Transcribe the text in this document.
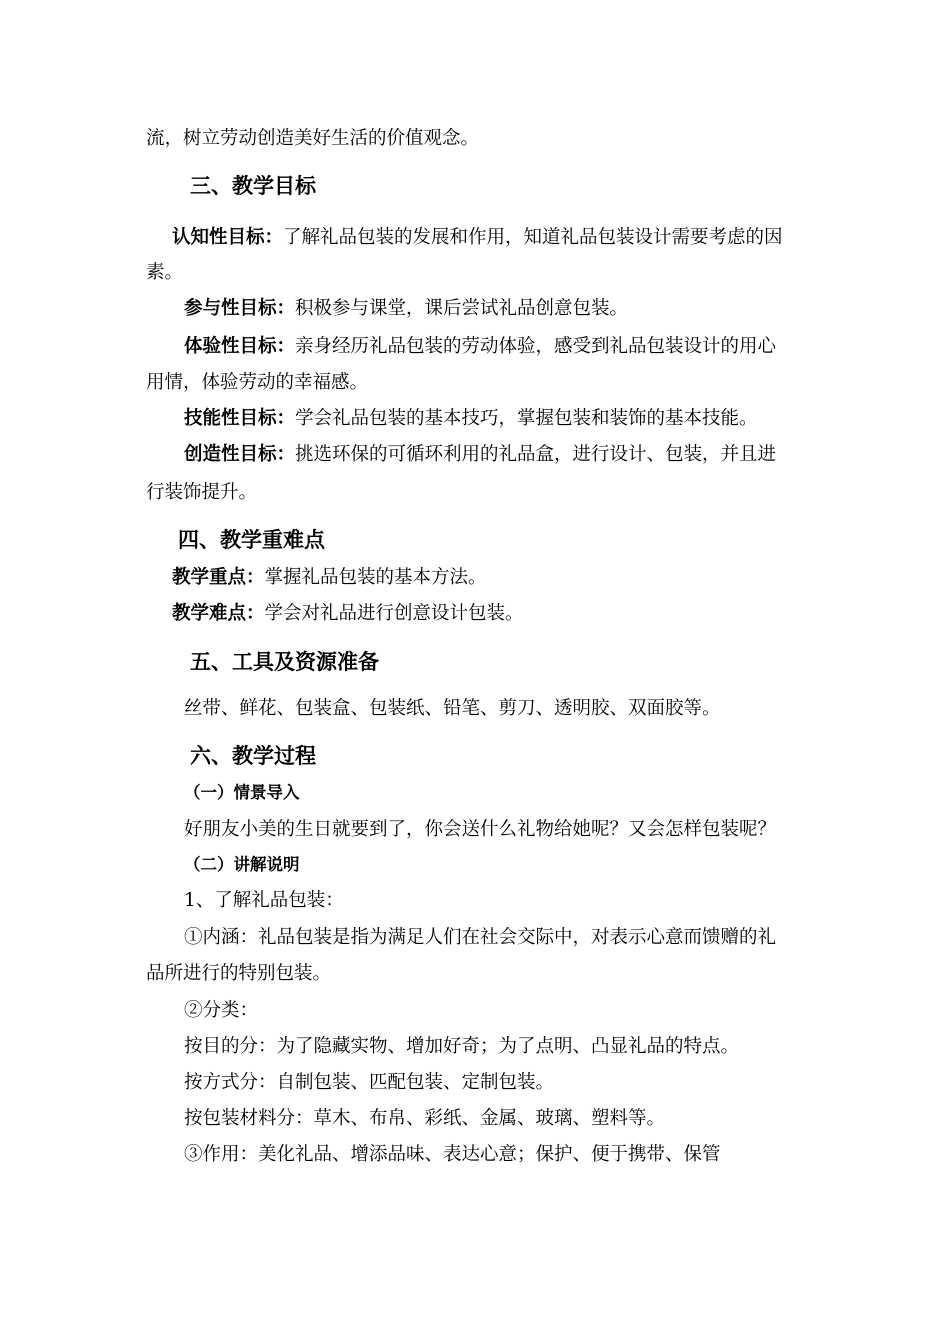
流，树立劳动创造美好生活的价值观念。
三、教学目标
认知性目标：了解礼品包装的发展和作用，知道礼品包装设计需要考虑的因
素。
参与性目标：积极参与课堂，课后尝试礼品创意包装。
体验性目标：亲身经历礼品包装的劳动体验，感受到礼品包装设计的用心
用情，体验劳动的幸福感。
技能性目标：学会礼品包装的基本技巧，掌握包装和装饰的基本技能。
创造性目标：挑选环保的可循环利用的礼品盒，进行设计、包装，并且进
行装饰提升。
四、教学重难点
教学重点：掌握礼品包装的基本方法。
教学难点：学会对礼品进行创意设计包装。
五、工具及资源准备
丝带、鲜花、包装盒、包装纸、铅笔、剪刀、透明胶、双面胶等。
六、教学过程
（一）情景导入
好朋友小美的生日就要到了，你会送什么礼物给她呢？又会怎样包装呢？
（二）讲解说明
1、了解礼品包装：
①内涵：礼品包装是指为满足人们在社会交际中，对表示心意而馈赠的礼
品所进行的特别包装。
②分类：
按目的分：为了隐藏实物、增加好奇；为了点明、凸显礼品的特点。
按方式分：自制包装、匹配包装、定制包装。
按包装材料分：草木、布帛、彩纸、金属、玻璃、塑料等。
③作用：美化礼品、增添品味、表达心意；保护、便于携带、保管
